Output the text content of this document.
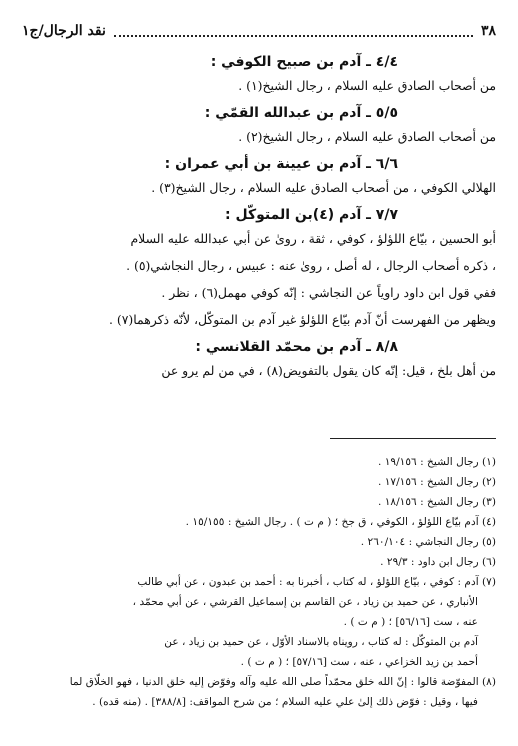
٣٨
نقد الرجال/ج١
٤/٤ ـ آدم بن صبيح الكوفي :
من أصحاب الصادق عليه السلام ، رجال الشيخ(١) .
٥/٥ ـ آدم بن عبدالله القمّي :
من أصحاب الصادق عليه السلام ، رجال الشيخ(٢) .
٦/٦ ـ آدم بن عيينة بن أبي عمران :
الهلالي الكوفي ، من أصحاب الصادق عليه السلام ، رجال الشيخ(٣) .
٧/٧ ـ آدم (٤)بن المتوكّل :
أبو الحسين ، بيّاع اللؤلؤ ، كوفي ، ثقة ، روىٰ عن أبي عبدالله عليه السلام
، ذكره أصحاب الرجال ، له أصل ، روىٰ عنه : عبيس ، رجال النجاشي(٥) .
ففي قول ابن داود راوياً عن النجاشي : إنّه كوفي مهمل(٦) ، نظر .
ويظهر من الفهرست أنّ آدم بيّاع اللؤلؤ غير آدم بن المتوكّل، لأنّه ذكرهما(٧) .
٨/٨ ـ آدم بن محمّد القلانسي :
من أهل بلخ ، قيل: إنّه كان يقول بالتفويض(٨) ، في من لم يرو عن
(١) رجال الشيخ : ١٩/١٥٦ .
(٢) رجال الشيخ : ١٧/١٥٦ .
(٣) رجال الشيخ : ١٨/١٥٦ .
(٤) آدم بيّاع اللؤلؤ ، الكوفي ، ق جخ ؛ ( م ت ) . رجال الشيخ : ١٥/١٥٥ .
(٥) رجال النجاشي : ٢٦٠/١٠٤ .
(٦) رجال ابن داود : ٢٩/٣ .
(٧) آدم : كوفي ، بيّاع اللؤلؤ ، له كتاب ، أخبرنا به : أحمد بن عبدون ، عن أبي طالب
الأنباري ، عن حميد بن زياد ، عن القاسم بن إسماعيل القرشي ، عن أبي محمّد ،
عنه ، ست [٥٦/١٦] ؛ ( م ت ) .
آدم بن المتوكّل : له كتاب ، رويناه بالاسناد الأوّل ، عن حميد بن زياد ، عن
أحمد بن زيد الخزاعي ، عنه ، ست [٥٧/١٦] ؛ ( م ت ) .
(٨) المفوّضة قالوا : إنّ الله خلق محمّداً صلى الله عليه وآله وفوّض إليه خلق الدنيا ، فهو الخلّاق لما
فيها ، وقيل : فوّض ذلك إلىٰ علي عليه السلام ؛ من شرح المواقف: [٣٨٨/٨] . (منه قده) .
